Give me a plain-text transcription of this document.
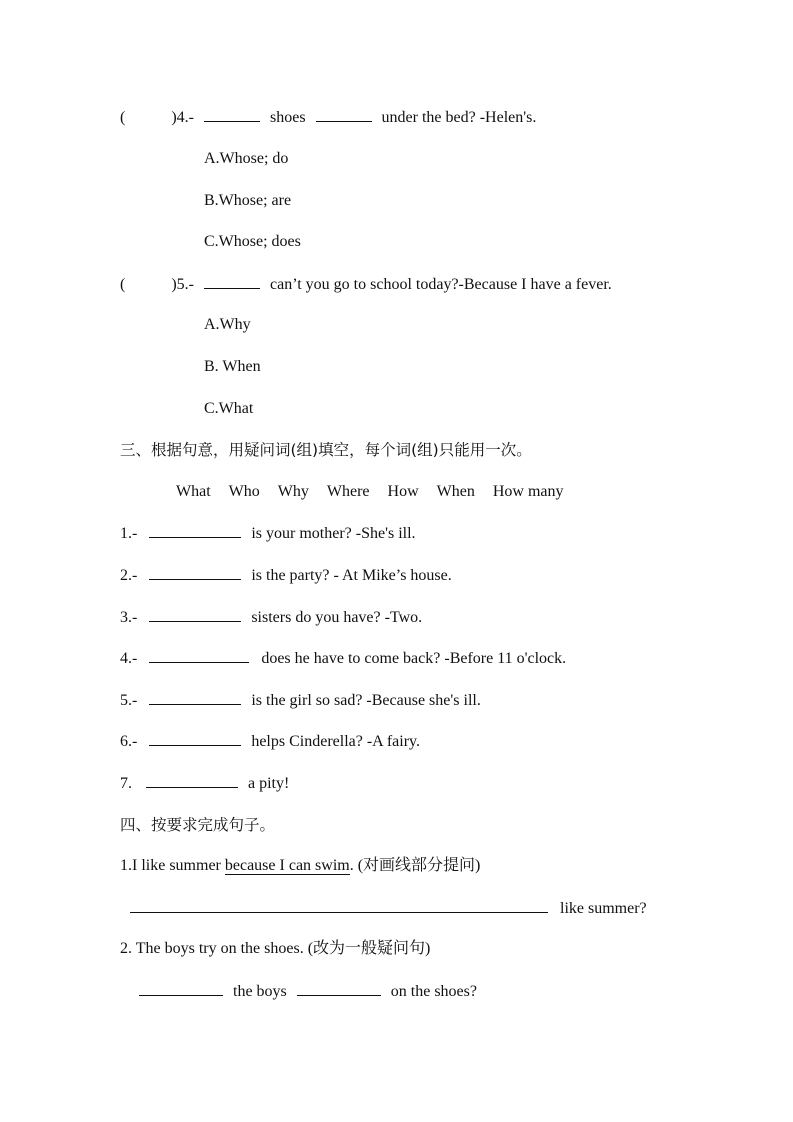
(	)4.-	shoes	under the bed? -Helen's.
A.Whose; do
B.Whose; are
C.Whose; does
(	)5.-	can’t you go to school today?-Because I have a fever.
A.Why
B. When
C.What
三、根据句意，用疑问词(组)填空，每个词(组)只能用一次。
What Who Why Where How When How many
1.-	is your mother? -She's ill.
2.-	is the party? - At Mike’s house.
3.-	sisters do you have? -Two.
4.-	does he have to come back? -Before 11 o'clock.
5.-	is the girl so sad? -Because she's ill.
6.-	helps Cinderella? -A fairy.
7.	a pity!
四、按要求完成句子。
1.I like summer because I can swim. (对画线部分提问)
like summer?
2. The boys try on the shoes. (改为一般疑问句)
the boys	on the shoes?
